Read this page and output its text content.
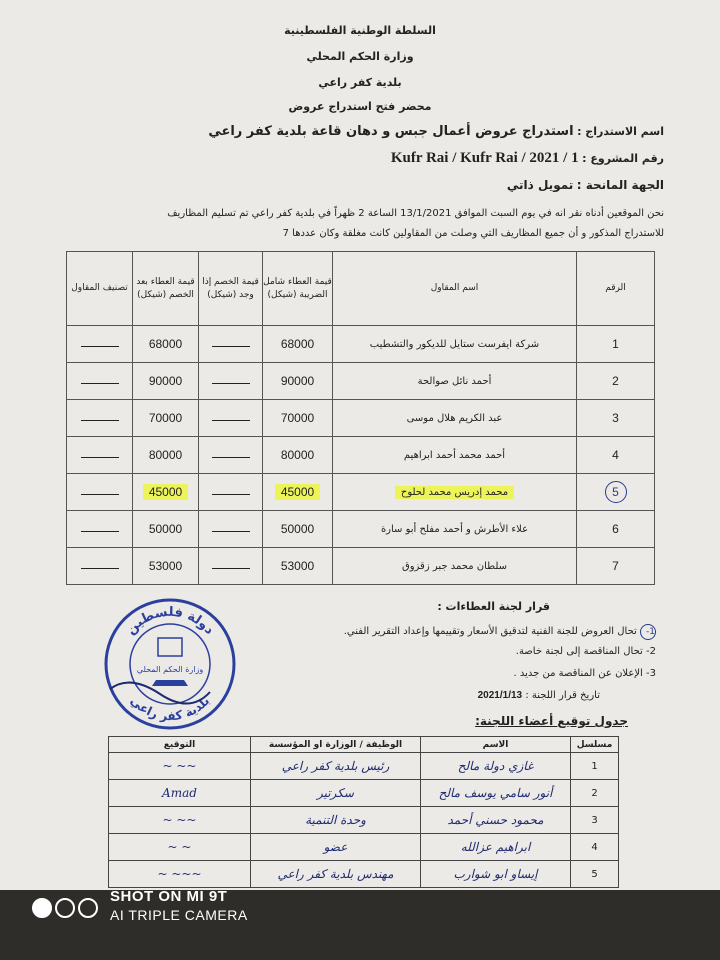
السلطة الوطنية الفلسطينية
وزارة الحكم المحلي
بلدية كفر راعي
محضر فتح استدراج عروض
اسم الاستدراج : استدراج عروض أعمال جبس و دهان قاعة بلدية كفر راعي
رقم المشروع : Kufr Rai / Kufr Rai / 2021 / 1
الجهة المانحة : تمويل ذاتي
نحن الموقعين أدناه نقر انه في يوم السبت الموافق 13/1/2021 الساعة 2 ظهراً في بلدية كفر راعي تم تسليم المظاريف
للاستدراج المذكور و أن جميع المظاريف التي وصلت من المقاولين كانت مغلقة وكان عددها 7
الرقم	اسم المقاول	قيمة العطاء شامل الضريبة (شيكل)	قيمة الخصم إذا وجد (شيكل)	قيمة العطاء بعد الخصم (شيكل)	تصنيف المقاول
1	شركة ايفرست ستايل للديكور والتشطيب	68000		68000	
2	أحمد نائل صوالحة	90000		90000	
3	عبد الكريم هلال موسى	70000		70000	
4	أحمد محمد أحمد ابراهيم	80000		80000	
5	محمد إدريس محمد لحلوح	45000		45000	
6	علاء الأطرش و أحمد مفلح أبو سارة	50000		50000	
7	سلطان محمد جبر زقزوق	53000		53000	
قرار لجنة العطاءات :
1- تحال العروض للجنة الفنية لتدقيق الأسعار وتقييمها وإعداد التقرير الفني.
2- تحال المناقصة إلى لجنة خاصة.
3- الإعلان عن المناقصة من جديد .
تاريخ قرار اللجنة : 2021/1/13
جدول توقيع أعضاء اللجنة:
مسلسل	الاسم	الوظيفة / الوزارة او المؤسسة	التوقيع
1	غازي دولة مالح	رئيس بلدية كفر راعي	~~ ~
2	أنور سامي يوسف مالح	سكرتير	Amad
3	محمود حسني أحمد	وحدة التنمية	~~ ~
4	ابراهيم عزالله	عضو	~ ~
5	إيساو ابو شوارب	مهندس بلدية كفر راعي	~~~ ~
دولة فلسطين
بلدية كفر راعي
وزارة الحكم المحلي
SHOT ON MI 9T
AI TRIPLE CAMERA
